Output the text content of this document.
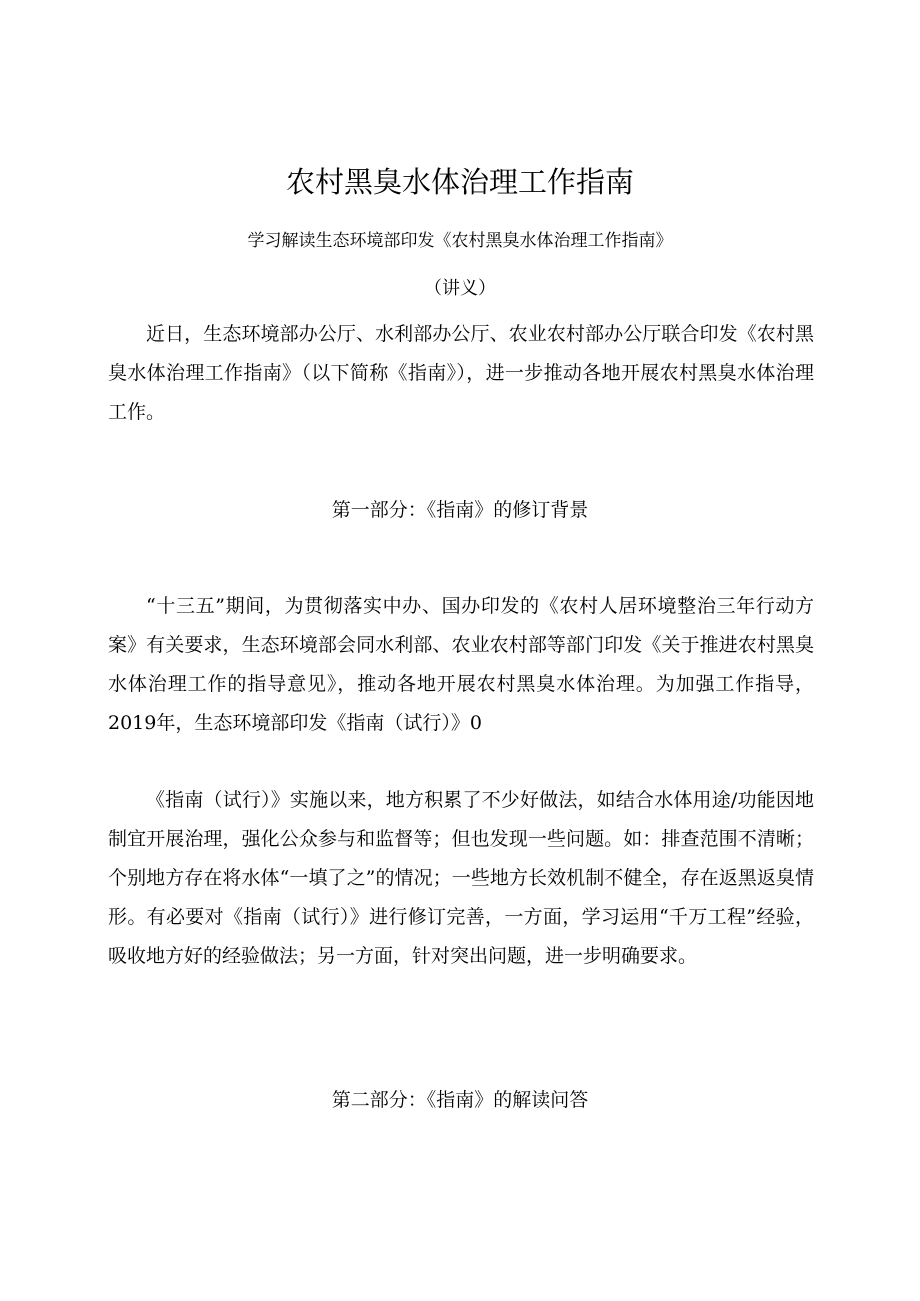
农村黑臭水体治理工作指南

学习解读生态环境部印发《农村黑臭水体治理工作指南》

（讲义）

近日，生态环境部办公厅、水利部办公厅、农业农村部办公厅联合印发《农村黑臭水体治理工作指南》（以下简称《指南》），进一步推动各地开展农村黑臭水体治理工作。

第一部分：《指南》的修订背景

“十三五”期间，为贯彻落实中办、国办印发的《农村人居环境整治三年行动方案》有关要求，生态环境部会同水利部、农业农村部等部门印发《关于推进农村黑臭水体治理工作的指导意见》，推动各地开展农村黑臭水体治理。为加强工作指导，2019年，生态环境部印发《指南（试行）》0

《指南（试行）》实施以来，地方积累了不少好做法，如结合水体用途/功能因地制宜开展治理，强化公众参与和监督等；但也发现一些问题。如：排查范围不清晰；个别地方存在将水体“一填了之”的情况；一些地方长效机制不健全，存在返黑返臭情形。有必要对《指南（试行）》进行修订完善，一方面，学习运用“千万工程”经验，吸收地方好的经验做法；另一方面，针对突出问题，进一步明确要求。

第二部分：《指南》的解读问答
